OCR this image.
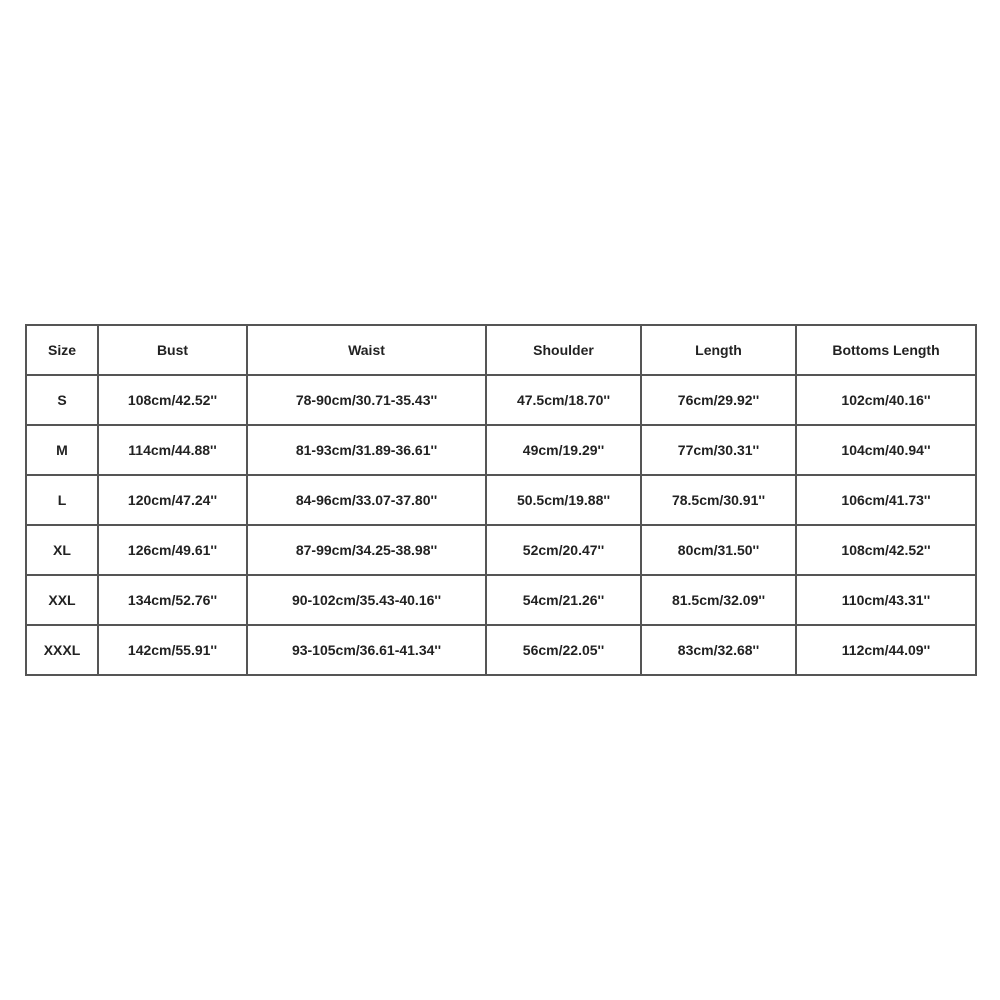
Size	Bust	Waist	Shoulder	Length	Bottoms Length
S	108cm/42.52''	78-90cm/30.71-35.43''	47.5cm/18.70''	76cm/29.92''	102cm/40.16''
M	114cm/44.88''	81-93cm/31.89-36.61''	49cm/19.29''	77cm/30.31''	104cm/40.94''
L	120cm/47.24''	84-96cm/33.07-37.80''	50.5cm/19.88''	78.5cm/30.91''	106cm/41.73''
XL	126cm/49.61''	87-99cm/34.25-38.98''	52cm/20.47''	80cm/31.50''	108cm/42.52''
XXL	134cm/52.76''	90-102cm/35.43-40.16''	54cm/21.26''	81.5cm/32.09''	110cm/43.31''
XXXL	142cm/55.91''	93-105cm/36.61-41.34''	56cm/22.05''	83cm/32.68''	112cm/44.09''
